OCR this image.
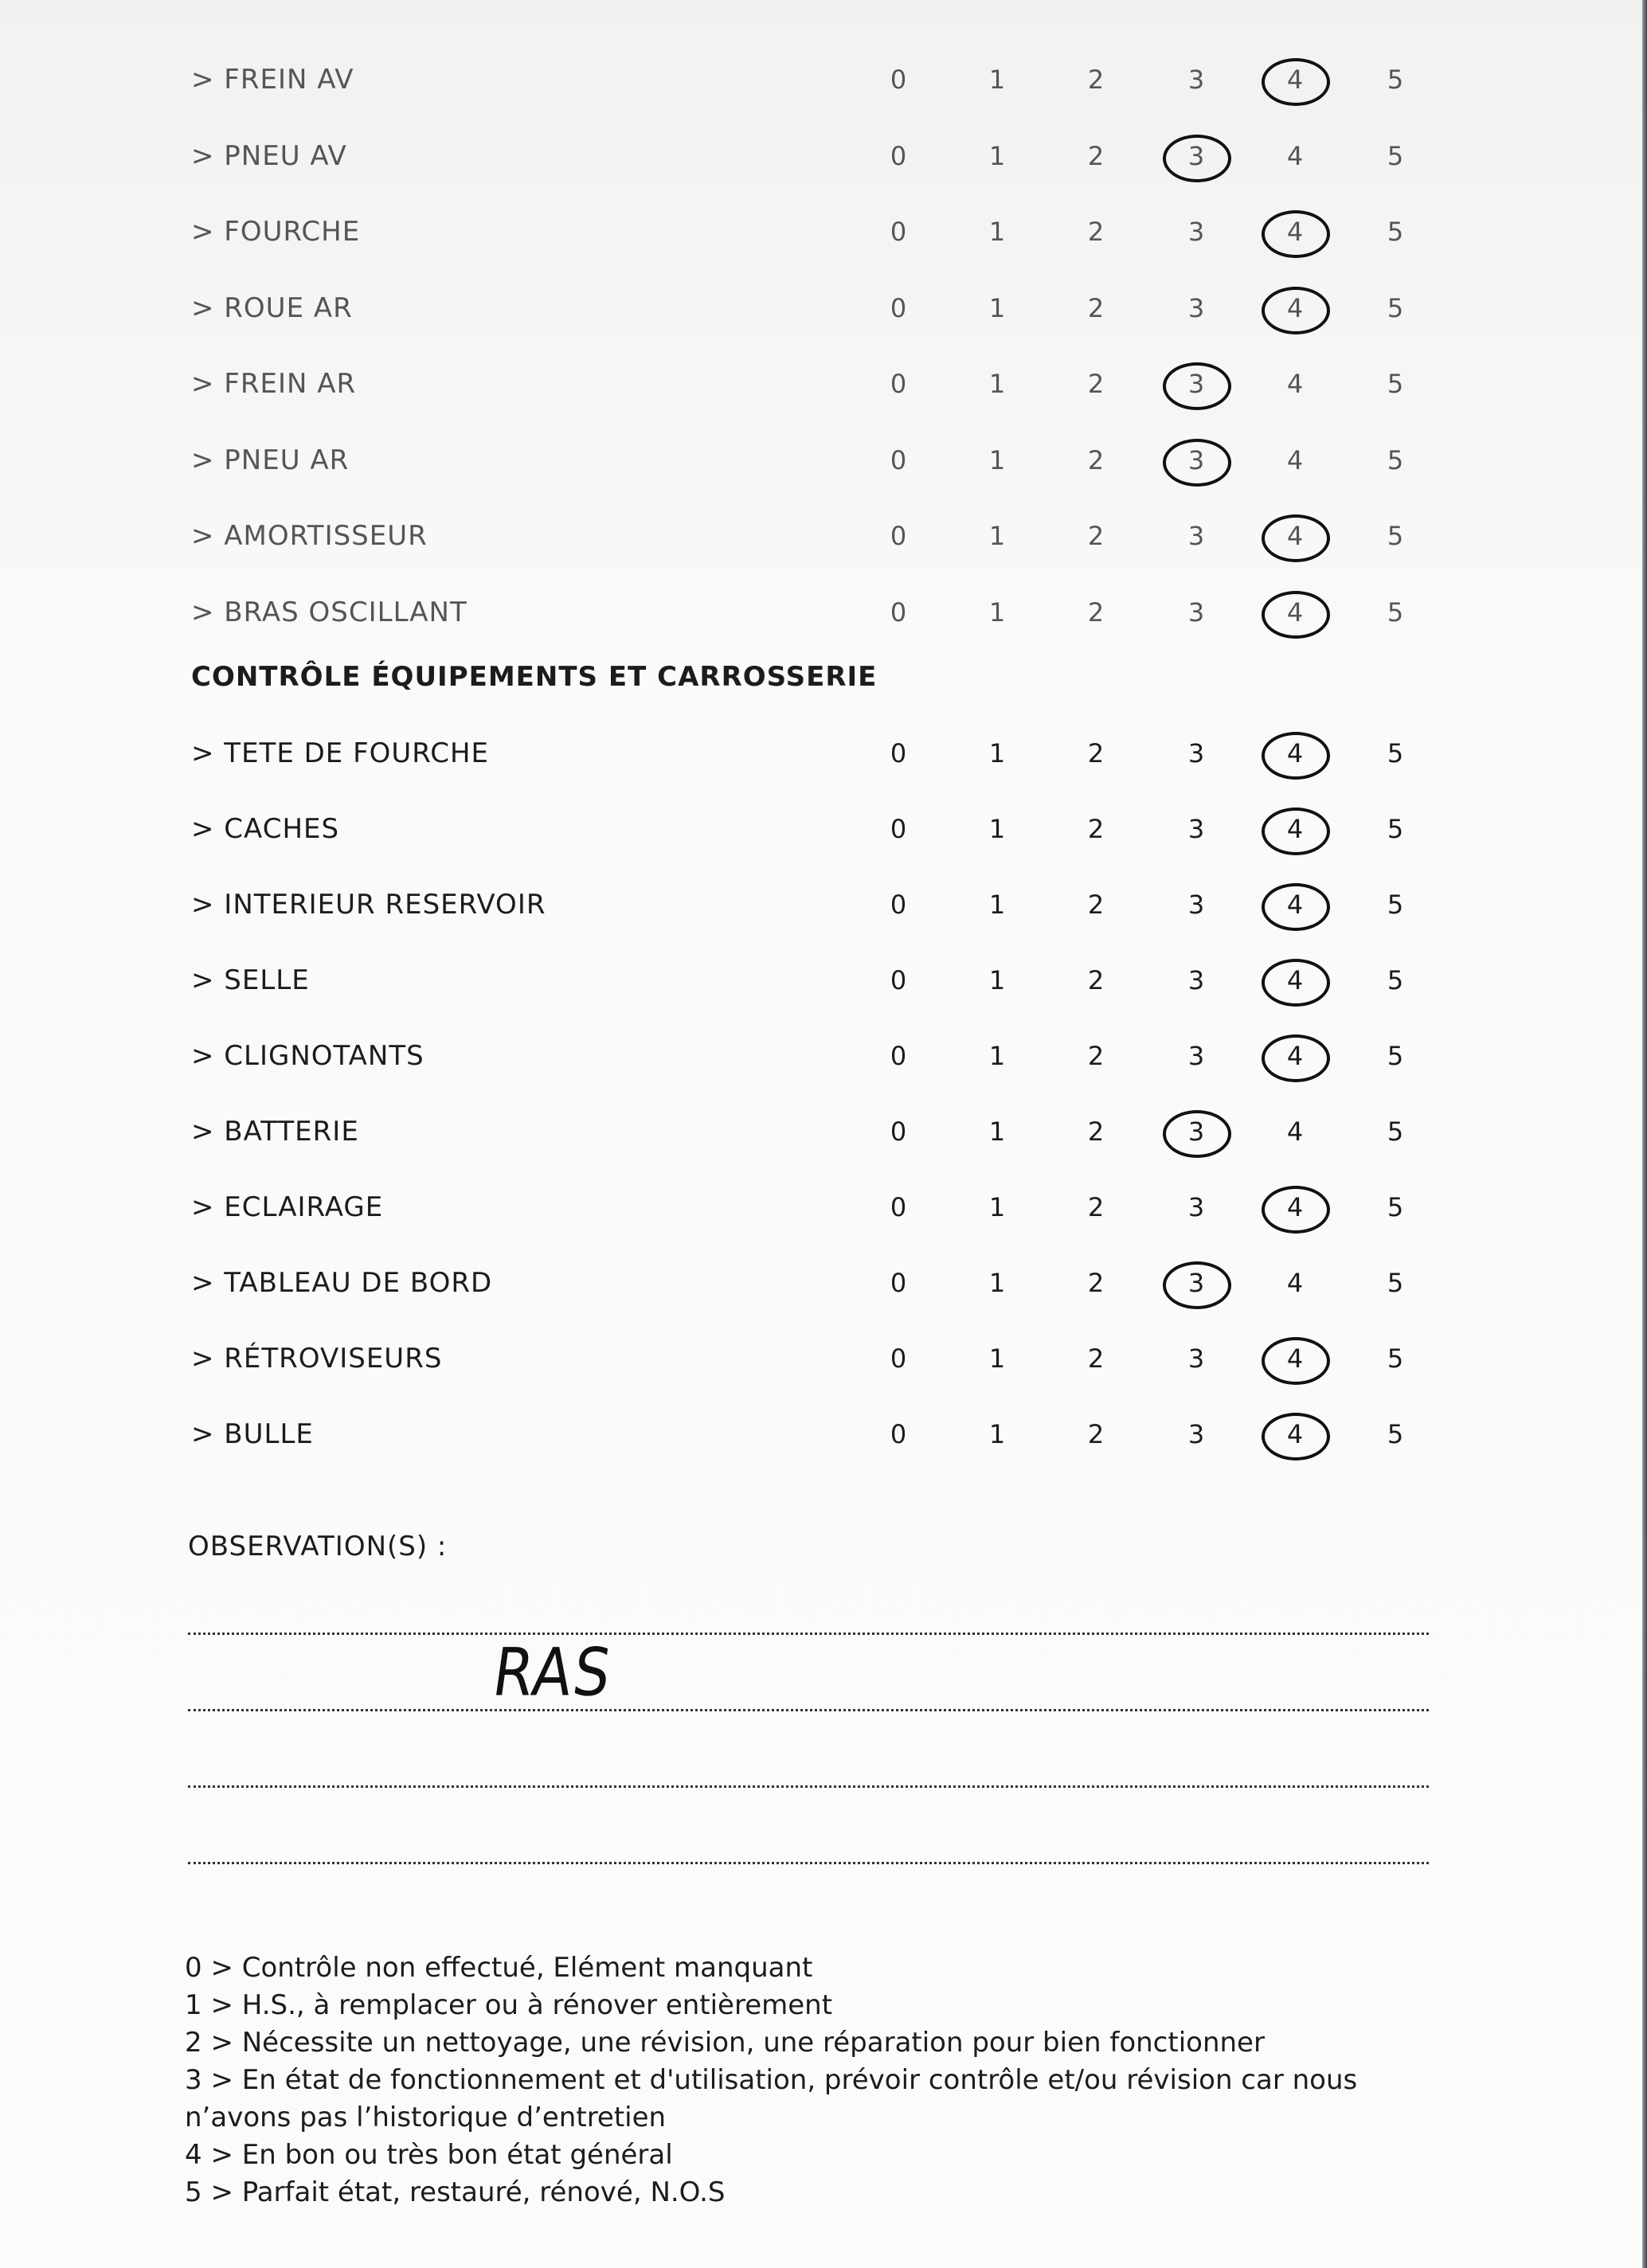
> FREIN AV	0	1	2	3	4	5
> PNEU AV	0	1	2	3	4	5
> FOURCHE	0	1	2	3	4	5
> ROUE AR	0	1	2	3	4	5
> FREIN AR	0	1	2	3	4	5
> PNEU AR	0	1	2	3	4	5
> AMORTISSEUR	0	1	2	3	4	5
> BRAS OSCILLANT	0	1	2	3	4	5
CONTRÔLE ÉQUIPEMENTS ET CARROSSERIE
> TETE DE FOURCHE	0	1	2	3	4	5
> CACHES	0	1	2	3	4	5
> INTERIEUR RESERVOIR	0	1	2	3	4	5
> SELLE	0	1	2	3	4	5
> CLIGNOTANTS	0	1	2	3	4	5
> BATTERIE	0	1	2	3	4	5
> ECLAIRAGE	0	1	2	3	4	5
> TABLEAU DE BORD	0	1	2	3	4	5
> RÉTROVISEURS	0	1	2	3	4	5
> BULLE	0	1	2	3	4	5
OBSERVATION(S) :
RAS
0 > Contrôle non effectué, Elément manquant
1 > H.S., à remplacer ou à rénover entièrement
2 > Nécessite un nettoyage, une révision, une réparation pour bien fonctionner
3 > En état de fonctionnement et d'utilisation, prévoir contrôle et/ou révision car nous
n’avons pas l’historique d’entretien
4 > En bon ou très bon état général
5 > Parfait état, restauré, rénové, N.O.S
